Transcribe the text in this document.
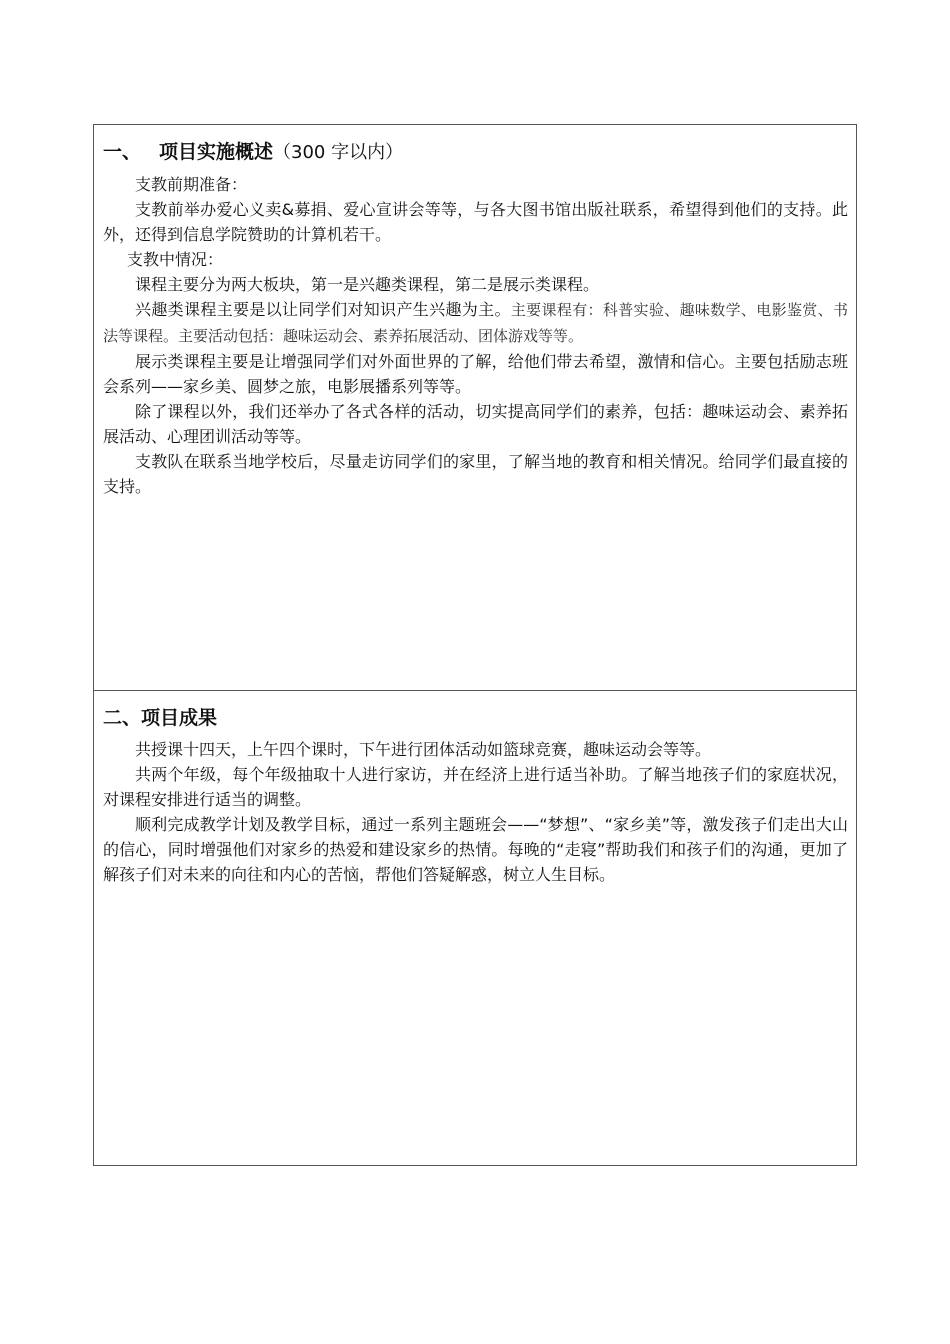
一、 项目实施概述（300 字以内）

支教前期准备：

支教前举办爱心义卖&募捐、爱心宣讲会等等，与各大图书馆出版社联系，希望得到他们的支持。此外，还得到信息学院赞助的计算机若干。

支教中情况：

课程主要分为两大板块，第一是兴趣类课程，第二是展示类课程。

兴趣类课程主要是以让同学们对知识产生兴趣为主。主要课程有：科普实验、趣味数学、电影鉴赏、书法等课程。主要活动包括：趣味运动会、素养拓展活动、团体游戏等等。

展示类课程主要是让增强同学们对外面世界的了解，给他们带去希望，激情和信心。主要包括励志班会系列——家乡美、圆梦之旅，电影展播系列等等。

除了课程以外，我们还举办了各式各样的活动，切实提高同学们的素养，包括：趣味运动会、素养拓展活动、心理团训活动等等。

支教队在联系当地学校后，尽量走访同学们的家里，了解当地的教育和相关情况。给同学们最直接的支持。

二、项目成果

共授课十四天，上午四个课时，下午进行团体活动如篮球竞赛，趣味运动会等等。

共两个年级，每个年级抽取十人进行家访，并在经济上进行适当补助。了解当地孩子们的家庭状况，对课程安排进行适当的调整。

顺利完成教学计划及教学目标，通过一系列主题班会——“梦想”、“家乡美”等，激发孩子们走出大山的信心，同时增强他们对家乡的热爱和建设家乡的热情。每晚的“走寝”帮助我们和孩子们的沟通，更加了解孩子们对未来的向往和内心的苦恼，帮他们答疑解惑，树立人生目标。
